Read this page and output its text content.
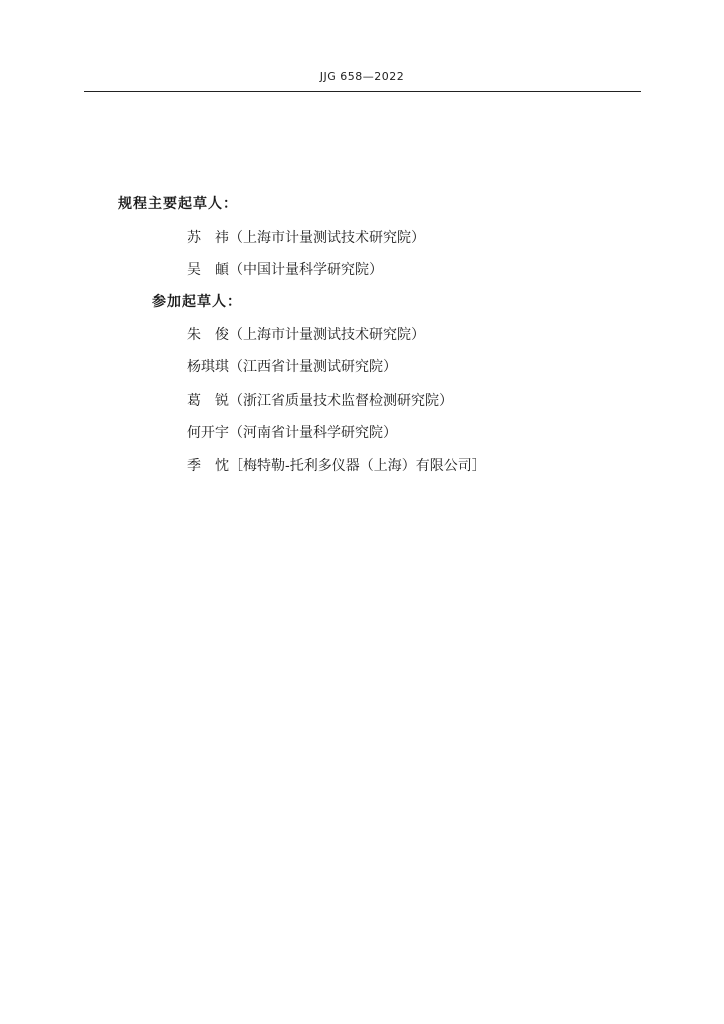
JJG 658—2022
规程主要起草人：
苏　祎 （上海市计量测试技术研究院）
吴　頔 （中国计量科学研究院）
参加起草人：
朱　俊 （上海市计量测试技术研究院）
杨琪琪 （江西省计量测试研究院）
葛　锐 （浙江省质量技术监督检测研究院）
何开宇 （河南省计量科学研究院）
季　忱 ［梅特勒-托利多仪器（上海）有限公司］
